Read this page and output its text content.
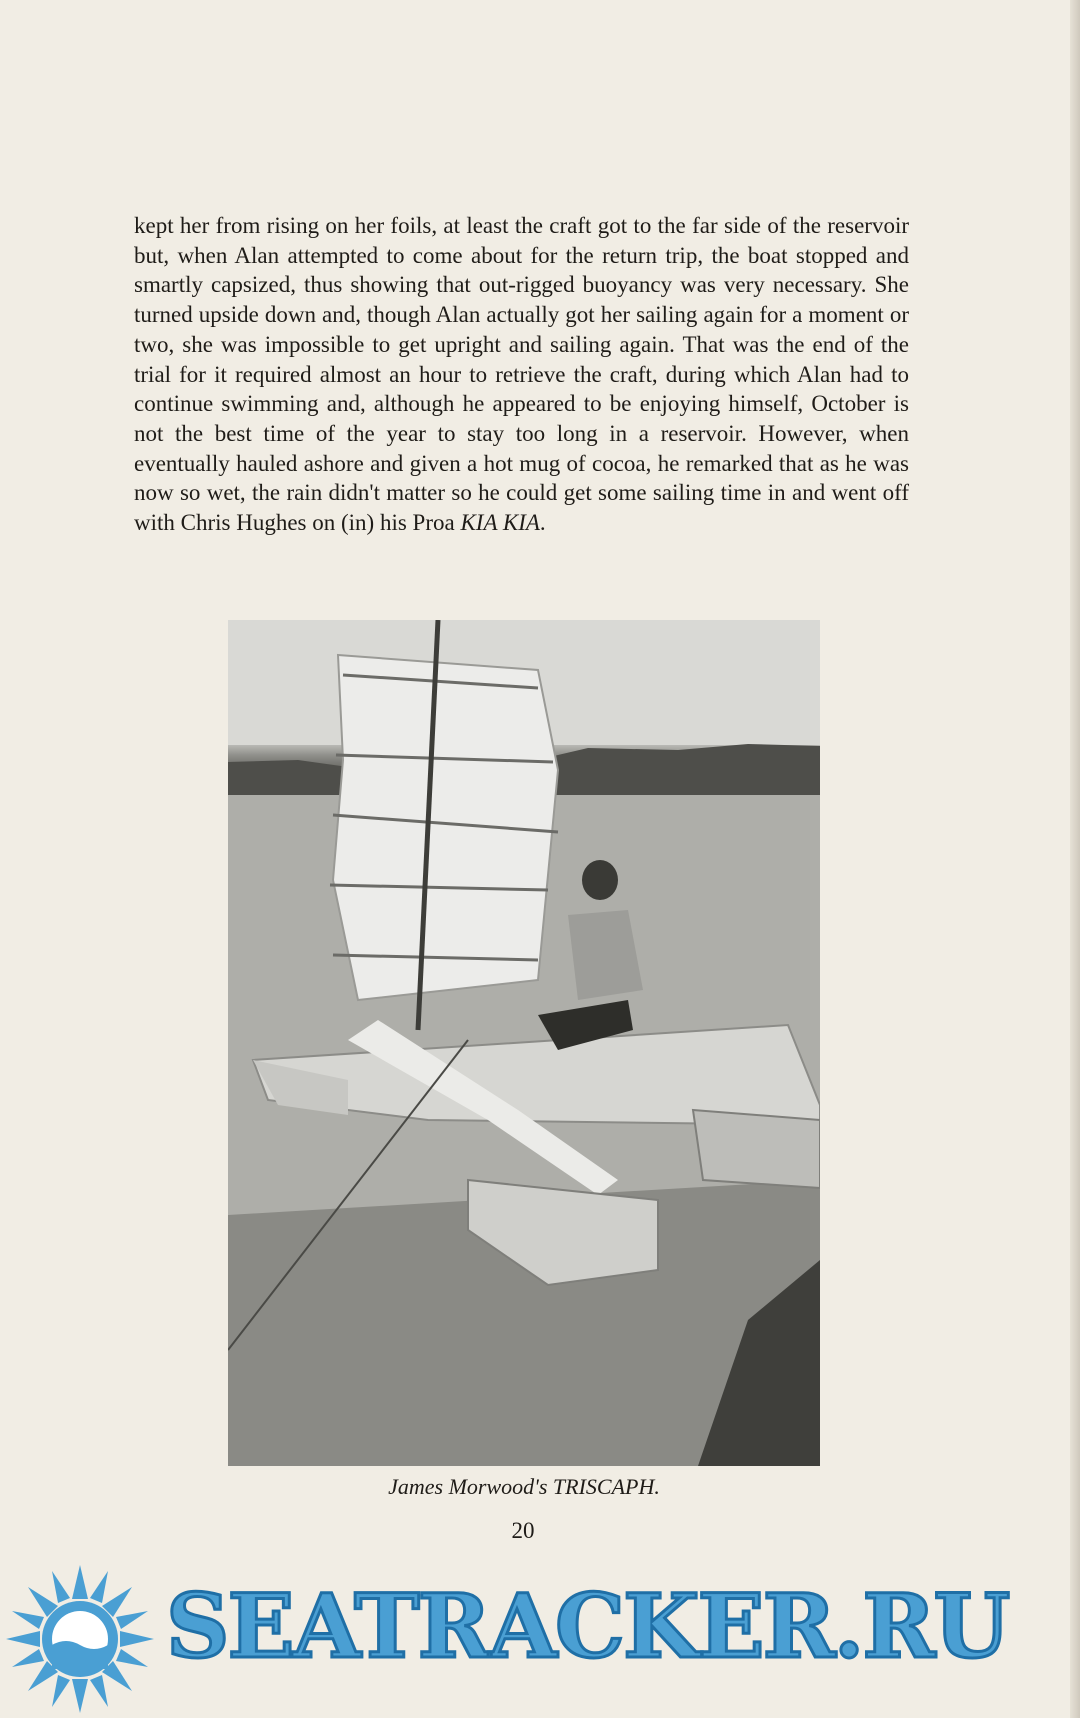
kept her from rising on her foils, at least the craft got to the far side of the reservoir but, when Alan attempted to come about for the return trip, the boat stopped and smartly capsized, thus showing that out-rigged buoyancy was very necessary. She turned upside down and, though Alan actually got her sailing again for a moment or two, she was impossible to get upright and sailing again. That was the end of the trial for it required almost an hour to retrieve the craft, during which Alan had to continue swimming and, although he appeared to be enjoying himself, October is not the best time of the year to stay too long in a reservoir. However, when eventually hauled ashore and given a hot mug of cocoa, he remarked that as he was now so wet, the rain didn't matter so he could get some sailing time in and went off with Chris Hughes on (in) his Proa KIA KIA.

James Morwood's TRISCAPH.
20
SEATRACKER.RU
